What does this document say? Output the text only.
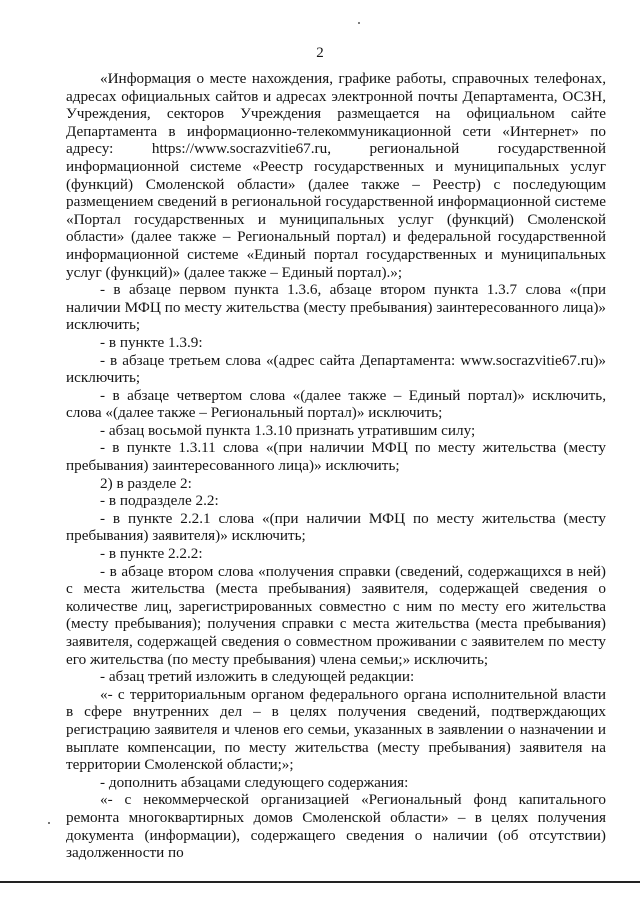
2

«Информация о месте нахождения, графике работы, справочных телефонах, адресах официальных сайтов и адресах электронной почты Департамента, ОСЗН, Учреждения, секторов Учреждения размещается на официальном сайте Департамента в информационно-телекоммуникационной сети «Интернет» по адресу: https://www.socrazvitie67.ru, региональной государственной информационной системе «Реестр государственных и муниципальных услуг (функций) Смоленской области» (далее также – Реестр) с последующим размещением сведений в региональной государственной информационной системе «Портал государственных и муниципальных услуг (функций) Смоленской области» (далее также – Региональный портал) и федеральной государственной информационной системе «Единый портал государственных и муниципальных услуг (функций)» (далее также – Единый портал).»;

- в абзаце первом пункта 1.3.6, абзаце втором пункта 1.3.7 слова «(при наличии МФЦ по месту жительства (месту пребывания) заинтересованного лица)» исключить;

- в пункте 1.3.9:

- в абзаце третьем слова «(адрес сайта Департамента: www.socrazvitie67.ru)» исключить;

- в абзаце четвертом слова «(далее также – Единый портал)» исключить, слова «(далее также – Региональный портал)» исключить;

- абзац восьмой пункта 1.3.10 признать утратившим силу;

- в пункте 1.3.11 слова «(при наличии МФЦ по месту жительства (месту пребывания) заинтересованного лица)» исключить;

2) в разделе 2:

- в подразделе 2.2:

- в пункте 2.2.1 слова «(при наличии МФЦ по месту жительства (месту пребывания) заявителя)» исключить;

- в пункте 2.2.2:

- в абзаце втором слова «получения справки (сведений, содержащихся в ней) с места жительства (места пребывания) заявителя, содержащей сведения о количестве лиц, зарегистрированных совместно с ним по месту его жительства (месту пребывания); получения справки с места жительства (места пребывания) заявителя, содержащей сведения о совместном проживании с заявителем по месту его жительства (по месту пребывания) члена семьи;» исключить;

- абзац третий изложить в следующей редакции:

«- с территориальным органом федерального органа исполнительной власти в сфере внутренних дел – в целях получения сведений, подтверждающих регистрацию заявителя и членов его семьи, указанных в заявлении о назначении и выплате компенсации, по месту жительства (месту пребывания) заявителя на территории Смоленской области;»;

- дополнить абзацами следующего содержания:

«- с некоммерческой организацией «Региональный фонд капитального ремонта многоквартирных домов Смоленской области» – в целях получения документа (информации), содержащего сведения о наличии (об отсутствии) задолженности по
